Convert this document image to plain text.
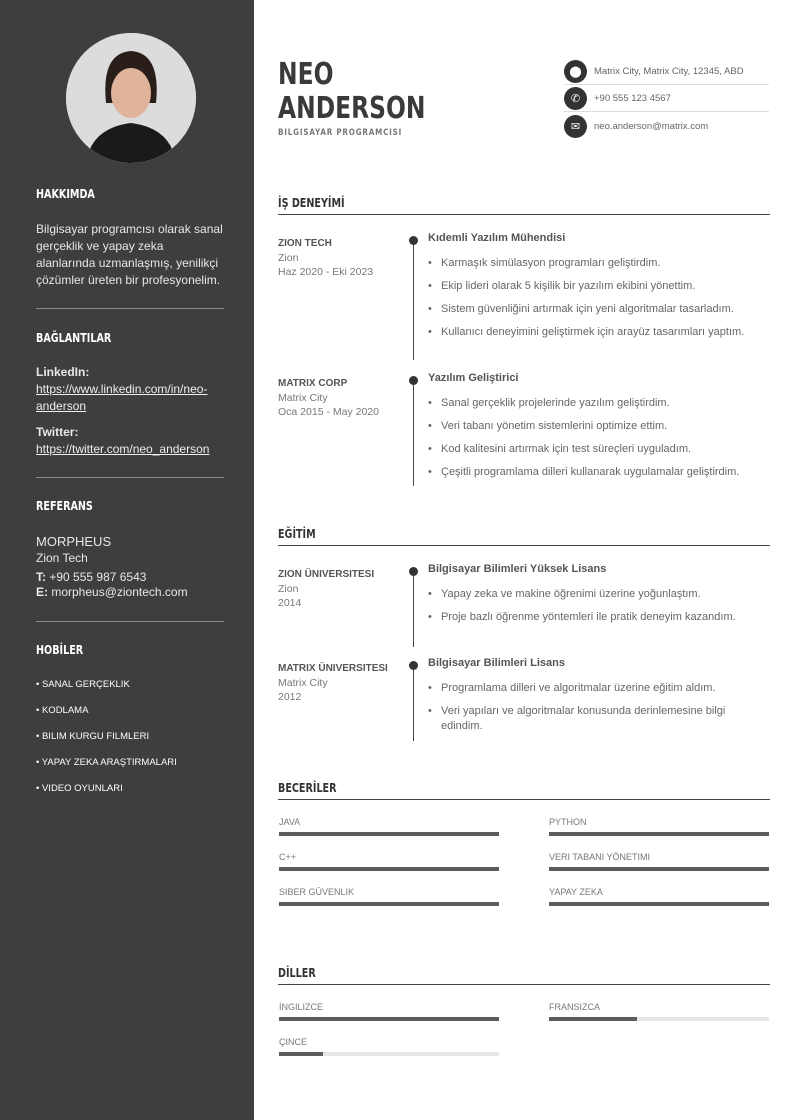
HAKKIMDA
Bilgisayar programcısı olarak sanal gerçeklik ve yapay zeka alanlarında uzmanlaşmış, yenilikçi çözümler üreten bir profesyonelim.
BAĞLANTILAR
LinkedIn:
https://www.linkedin.com/in/neo-anderson
Twitter:
https://twitter.com/neo_anderson
REFERANS
MORPHEUS
Zion Tech
T: +90 555 987 6543
E: morpheus@ziontech.com
HOBİLER
• SANAL GERÇEKLIK
• KODLAMA
• BILIM KURGU FILMLERI
• YAPAY ZEKA ARAŞTIRMALARI
• VIDEO OYUNLARI
NEO
ANDERSON
BILGISAYAR PROGRAMCISI
⬤	Matrix City, Matrix City, 12345, ABD
✆	+90 555 123 4567
✉	neo.anderson@matrix.com
İŞ DENEYİMİ
ZION TECH
Zion
Haz 2020 - Eki 2023
Kıdemli Yazılım Mühendisi
• Karmaşık simülasyon programları geliştirdim.
• Ekip lideri olarak 5 kişilik bir yazılım ekibini yönettim.
• Sistem güvenliğini artırmak için yeni algoritmalar tasarladım.
• Kullanıcı deneyimini geliştirmek için arayüz tasarımları yaptım.
MATRIX CORP
Matrix City
Oca 2015 - May 2020
Yazılım Geliştirici
• Sanal gerçeklik projelerinde yazılım geliştirdim.
• Veri tabanı yönetim sistemlerini optimize ettim.
• Kod kalitesini artırmak için test süreçleri uyguladım.
• Çeşitli programlama dilleri kullanarak uygulamalar geliştirdim.
EĞİTİM
ZION ÜNIVERSITESI
Zion
2014
Bilgisayar Bilimleri Yüksek Lisans
• Yapay zeka ve makine öğrenimi üzerine yoğunlaştım.
• Proje bazlı öğrenme yöntemleri ile pratik deneyim kazandım.
MATRIX ÜNIVERSITESI
Matrix City
2012
Bilgisayar Bilimleri Lisans
• Programlama dilleri ve algoritmalar üzerine eğitim aldım.
• Veri yapıları ve algoritmalar konusunda derinlemesine bilgi edindim.
BECERİLER
JAVA	PYTHON
C++	VERI TABANI YÖNETIMI
SIBER GÜVENLIK	YAPAY ZEKA
DİLLER
İNGILIZCE	FRANSIZCA
ÇINCE
